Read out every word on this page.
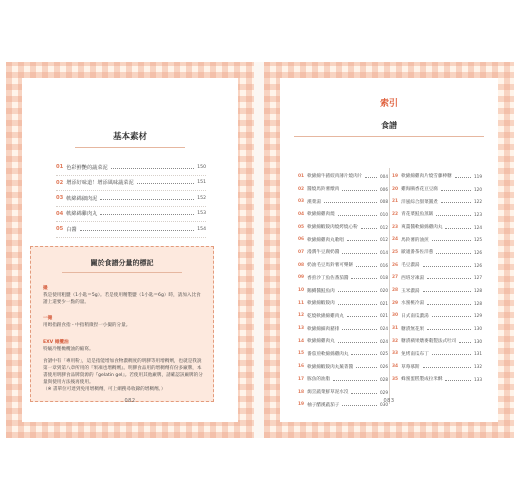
基本素材
01 色彩鮮艷的蔬菜泥	150
02 增添好味道！增添風味蔬菜泥	151
03 軟綿綿細肉泥	152
04 軟綿綿雞肉丸	153
05 白醬	154
關於食譜分量的標記
撮
我是使用粗鹽（1小匙＝5g）。若是使用精製鹽（1小匙＝6g）時，請加入比食譜上還要少一點的量。
一撮
用姆指跟食指・中指稍微捏一小撮的分量。
EXV 橄欖油
特級冷壓橄欖油的縮寫。
食譜中有「專用粉」，這是指能增加食物濃稠度的明膠等用增稠劑，也就是我說第一章到第八章所用的『果凍也增稠劑』。明膠食品用的增稠劑有份多廠牌，本書使用明膠食品牌資源的『gelatin gel』。若使用其他廠牌，請確認該廠牌的分量與使用方法後再使用。
（※ 書單位可達到免用增稠劑，可上網搜尋收錄的增稠劑。）
082
索引
食譜
01 軟綿綿牛豬絞肉薄片燒肉片	004
02 醬燒馬鈴薯燉肉	006
03 漢菜湯	008
04 軟綿綿雞肉燒	010
05 軟綿綿蝦餃肉燒烤燒心粉	012
06 軟綿綿雞肉丸歌唱	012
07 漫潤牛豆腐奶醬	014
08 奶油毛豆馬鈴薯可樂餅	016
09 香煎沙丁魚佐番茄醬	018
10 鵝鰻醬鮭魚肉	020
11 軟綿綿蝦餃肉	021
12 乾燒軟綿綿雞肉丸	021
13 軟綿綿細肉豬排	024
14 軟綿綿雞肉丸	024
15 番茄煎軟綿綿雞肉丸	025
16 軟綿綿蝦餃肉丸蕪菁醬	026
17 豚魚的油脂	028
18 焗烹蔬菜鮮草泥水沒	029
19 柚子醋漢蔬茄子	030
19 軟綿綿雞肉片燒雪藤棒糖	119
20 雞海鷗香花豆豆腐	120
21 洋風綜合甜菜圓煮	122
22 青花菜鮭魚蒸飯	123
23 爽薑醬軟綿綿雞肉丸	124
24 馬鈴薯的油煎	125
25 歐適番茶佐洋蔥	126
26 毛豆濃湯	126
27 西班牙凍湯	127
28 玉米濃湯	128
29 水蜜桃冷湯	128
30 日式南瓜濃湯	129
31 糖漬無花果	130
32 糖漬蘋果燉麥穀製法式吐司	130
33 免烤南瓜布丁	131
34 草莓慕斯	132
35 蜂蜜蛋糕製成拉米酥	133
083
